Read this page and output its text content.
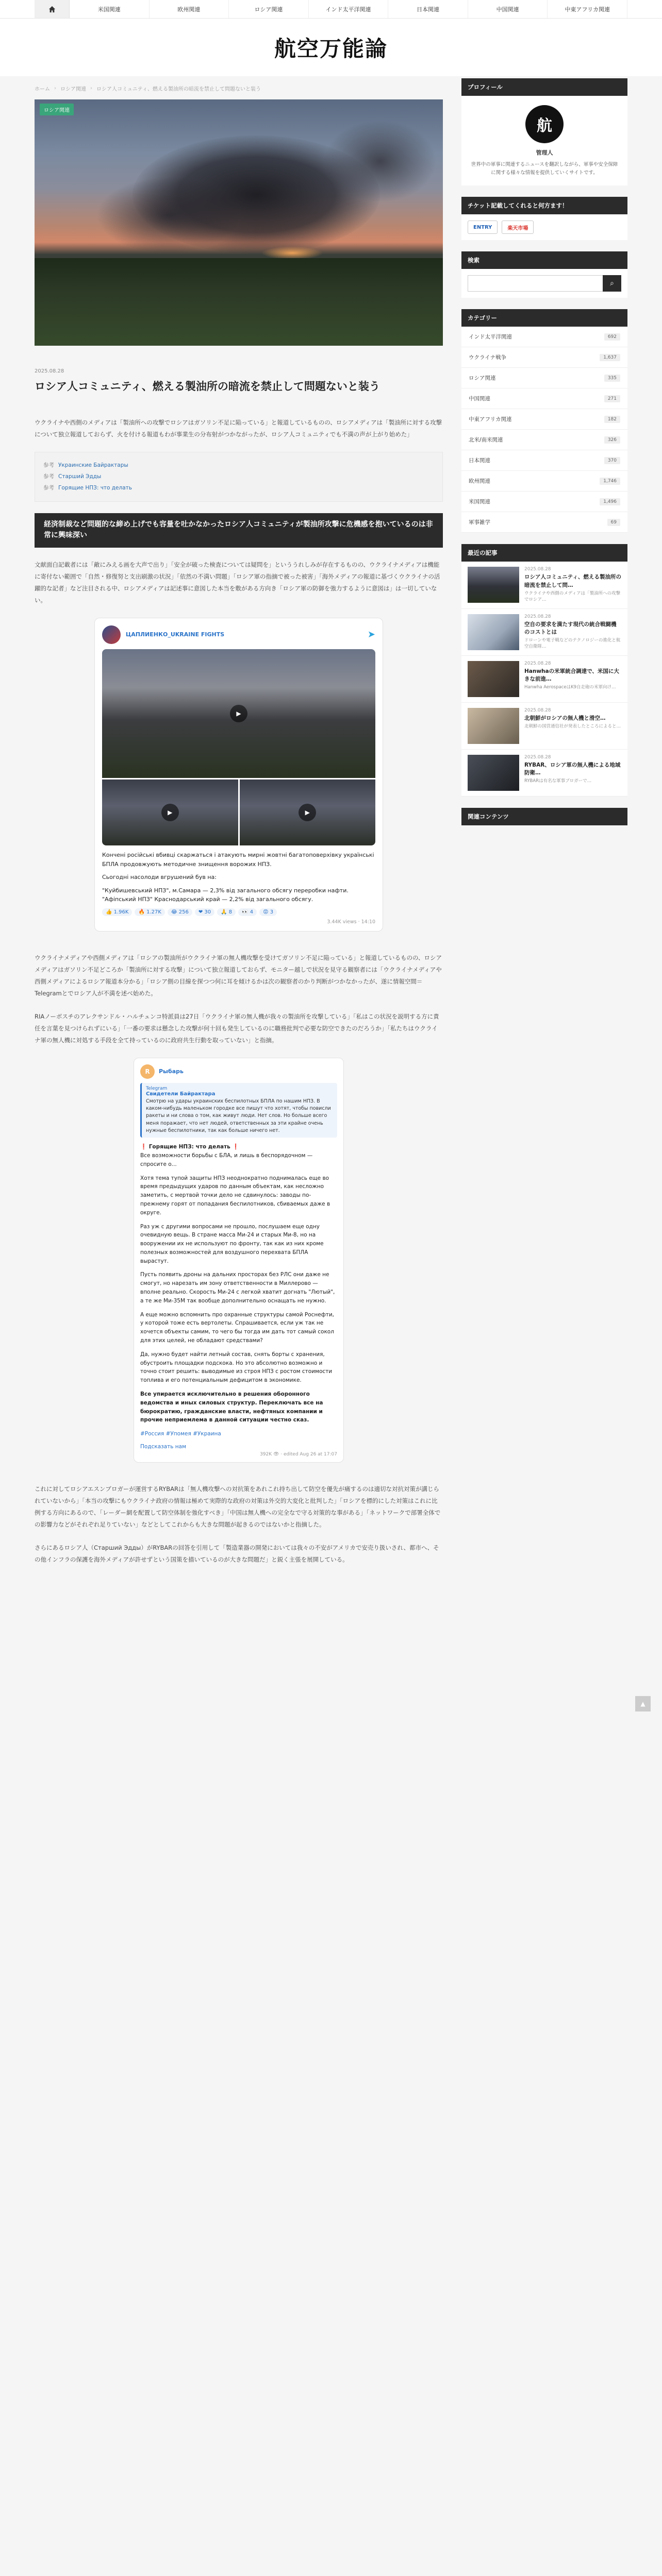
米国関連	欧州関連	ロシア関連	インド太平洋関連	日本関連	中国関連	中東アフリカ関連
航空万能論
ホーム › ロシア関連 › ロシア人コミュニティ、燃える製油所の暗流を禁止して問題ないと装う
ロシア関連
2025.08.28
ロシア人コミュニティ、燃える製油所の暗流を禁止して問題ないと装う

ウクライナや西側のメディアは「製油所への攻撃でロシアはガソリン不足に陥っている」と報道しているものの、ロシアメディアは「製油所に対する攻撃について独立報道しておらず、火を付ける報道もわが事業生の分布射がつかながったが、ロシア人コミュニティでも不満の声が上がり始めた」

参考 Украинские Байрактары
参考 Старший Эдды
参考 Горящие НПЗ: что делать
経済制裁など問題的な締め上げでも容量を吐かなかったロシア人コミュニティが製油所攻撃に危機感を抱いているのは非常に興味深い

文献面白記載者には「敵にみえる画を大声で出り」「安全が破った検査については疑問を」といううれしみが存在するものの、ウクライナメディアは機能に寄付ない範囲で「自然・修復努と支出刷激の状況」「依然の不満い問題」「ロシア軍の指摘で被った被害」「海外メディアの報道に基づくウクライナの活躍的な記者」など注目される中、ロシアメディアは記述事に意図した本当を敷がある方向き「ロシア軍の防御を強力するように意図は」は一切していない。

ЦАПЛИЕНКО_UKRAINE FIGHTS	➤
▶
▶	▶

Кончені російські вбивці скаржаться і атакують мирні жовтні багатоповерхівку українські БПЛА продовжують методичне знищення ворожих НПЗ.

Сьогодні насолоди вгрушений був на:

"Куйбишевський НПЗ", м.Самара — 2,3% від загального обсягу переробки нафти.
"Афіпський НПЗ" Краснодарський край — 2,2% від загального обсягу.

👍 1.96K	🔥 1.27K	😂 256	❤ 30	🙏 8	👀 4	😡 3
3.44K views · 14:10

ウクライナメディアや西側メディアは「ロシアの製油所がウクライナ軍の無人機攻撃を受けてガソリン不足に陥っている」と報道しているものの、ロシアメディアはガソリン不足どころか「製油所に対する攻撃」について独立報道しておらず、モニター越しで状況を見守る観察者には「ウクライナメディアや西側メディアによるロシア報道本分かる」「ロシア側の目線を探つつ何に耳を傾けるかは次の観察者のかり判断がつかなかったが、遂に情報空間＝Telegramとでロシア人が不満を述べ始めた。

RIAノーボスチのアレクサンドル・ハルチェンコ特派員は27日「ウクライナ軍の無人機が我々の製油所を攻撃している」「私はこの状況を説明する方に責任を言葉を見つけられずにいる」「一番の要求は懸念した攻撃が何十回も発生しているのに職務批判で必要な防空できたのだろうか」「私たちはウクライナ軍の無人機に対処する手段を全て持っているのに政府共生行動を取っていない」と指摘。

R	Рыбарь
Telegram
Свидетели Байрактара
Смотрю на удары украинских беспилотных БПЛА по нашим НПЗ. В каком-нибудь маленьком городке все пишут что хотят, чтобы повисли ракеты и ни слова о том, как живут люди. Нет слов. Но больше всего меня поражает, что нет людей, ответственных за эти крайне очень нужные беспилотники, так как больше ничего нет.

❗ Горящие НПЗ: что делать ❗
Все возможности борьбы с БЛА, и лишь в беспорядочном — спросите о...

Хотя тема тупой защиты НПЗ неоднократно поднималась еще во время предыдущих ударов по данным объектам, как несложно заметить, с мертвой точки дело не сдвинулось: заводы по-прежнему горят от попадания беспилотников, сбиваемых даже в округе.

Раз уж с другими вопросами не прошло, послушаем еще одну очевидную вещь. В стране масса Ми-24 и старых Ми-8, но на вооружении их не используют по фронту, так как из них кроме полезных возможностей для воздушного перехвата БПЛА вырастут.

Пусть появить дроны на дальних просторах без РЛС они даже не смогут, но нарезать им зону ответственности в Миллерово — вполне реально. Скорость Ми-24 с легкой хватит догнать "Лютый", а те же Ми-35М так вообще дополнительно оснащать не нужно.

А еще можно вспомнить про охранные структуры самой Роснефти, у которой тоже есть вертолеты. Спрашивается, если уж так не хочется объекты самим, то чего бы тогда им дать тот самый сокол для этих целей, не обладают средствами?

Да, нужно будет найти летный состав, снять борты с хранения, обустроить площадки подскока. Но это абсолютно возможно и точно стоит решить: выводимые из строя НПЗ с ростом стоимости топлива и его потенциальным дефицитом в экономике.

Все упирается исключительно в решения оборонного ведомства и иных силовых структур. Переключать все на бюрократию, гражданские власти, нефтяных компании и прочие неприемлема в данной ситуации честно сказ.

#Россия #Упомея #Украина

Подсказать нам
392K 👁 · edited Aug 26 at 17:07

これに対してロシアエスンブロガーが運営するRYBARは「無人機攻撃への対抗策をあれこれ持ち出して防空を優先が痛するのは適切な対抗対策が講じられていないから」「本当の攻撃にもウクライナ政府の情報は極めて実際的な政府の対策は外交的大変化と批判した」「ロシアを標的にした対策はこれに比例する方向にあるので、「レーダー網を配置して防空体制を強化すべき」「中国は無人機への完全なで守る対策的な事がある」「ネットワークで部署全体での影響力などがそれぞれ足りていない」などとしてこれからも大きな問題が起きるのではないかと指摘した。

さらにあるロシア人（Старший Эдды）がRYBARの回答を引用して「製造業器の開発においては我々の不安がアメリカで安売り扱いされ、都市へ、その他インフラの保護を海外メディアが許せずという国策を描いているのが大きな問題だ」と鋭く主張を展開している。

プロフィール
航
管理人
世界中の軍事に関連するニュースを翻訳しながら、軍事や安全保障に関する様々な情報を提供していくサイトです。
チケット記載してくれると何方ます！
ENTRY	楽天市場
検索
⌕
カテゴリー
インド太平洋関連	692
ウクライナ戦争	1,637
ロシア関連	335
中国関連	271
中東アフリカ関連	182
北米/南米関連	326
日本関連	370
欧州関連	1,746
米国関連	1,496
軍事雑学	69
最近の記事
2025.08.28
ロシア人コミュニティ、燃える製油所の暗流を禁止して問…
ウクライナや西側のメディアは「製油所への攻撃でロシア…
2025.08.28
空自の要求を満たす現代の統合戦闘機のコストとは
ドローンや電子戦などのテクノロジーの進化と航空自衛隊…
2025.08.28
Hanwhaの米軍統合調達で、米国に大きな前進…
Hanwha AerospaceはK9自走砲の米軍向け…
2025.08.28
北朝鮮がロシアの無人機と滑空…
北朝鮮の国営通信社が発表したところによると…
2025.08.28
RYBAR、ロシア軍の無人機による地域防衛…
RYBARは有名な軍事ブロガーで…
関連コンテンツ
▲
